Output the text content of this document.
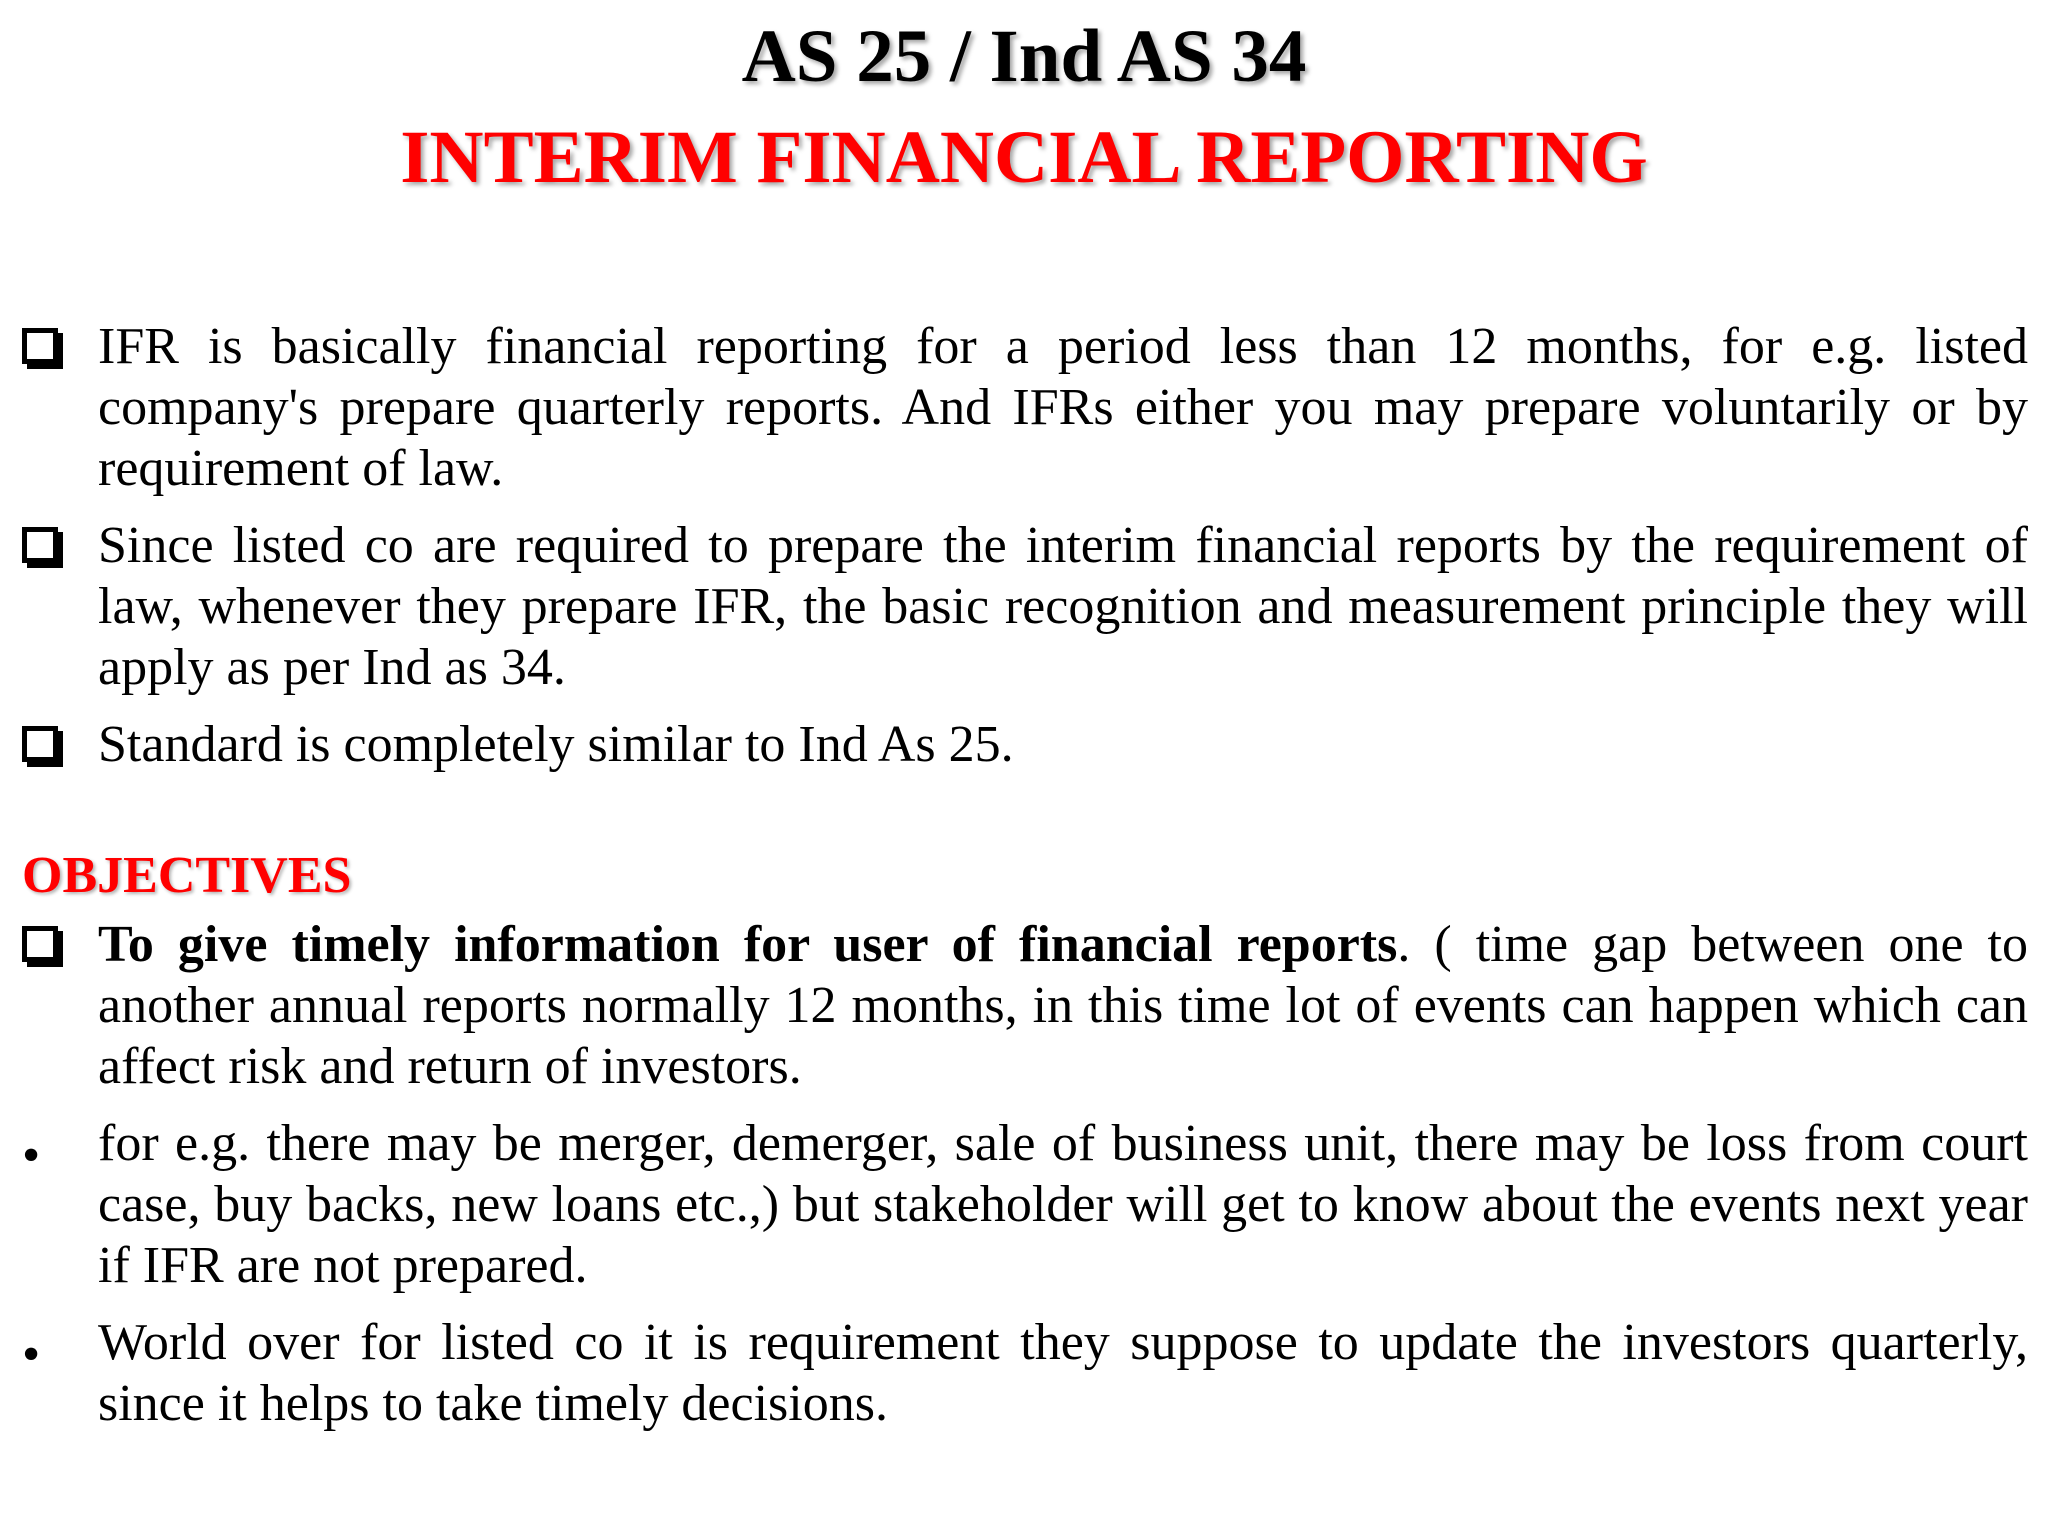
AS 25 / Ind AS 34
INTERIM FINANCIAL REPORTING
IFR is basically financial reporting for a period less than 12 months, for e.g. listed company's prepare quarterly reports. And IFRs either you may prepare voluntarily or by requirement of law.
Since listed co are required to prepare the interim financial reports by the requirement of law, whenever they prepare IFR, the basic recognition and measurement principle they will apply as per Ind as 34.
Standard is completely similar to Ind As 25.
OBJECTIVES
To give timely information for user of financial reports. ( time gap between one to another annual reports normally 12 months, in this time lot of events can happen which can affect risk and return of investors.
• for e.g. there may be merger, demerger, sale of business unit, there may be loss from court case, buy backs, new loans etc.,) but stakeholder will get to know about the events next year if IFR are not prepared.
• World over for listed co it is requirement they suppose to update the investors quarterly, since it helps to take timely decisions.
